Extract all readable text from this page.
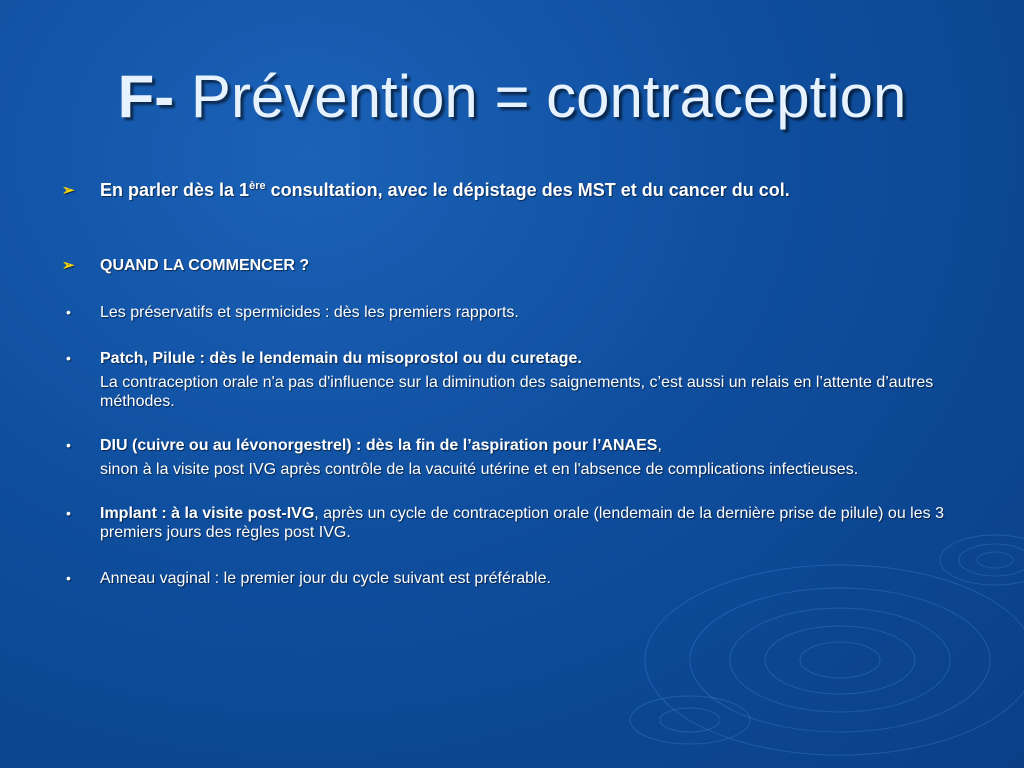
F- Prévention = contraception
➢ En parler dès la 1ère consultation, avec le dépistage des MST et du cancer du col.
➢ QUAND LA COMMENCER ?
• Les préservatifs et spermicides : dès les premiers rapports.
• Patch, Pilule : dès le lendemain du misoprostol ou du curetage.
La contraception orale n'a pas d'influence sur la diminution des saignements, c’est aussi un relais en l’attente d’autres méthodes.
• DIU (cuivre ou au lévonorgestrel) : dès la fin de l’aspiration pour l’ANAES,
sinon à la visite post IVG après contrôle de la vacuité utérine et en l'absence de complications infectieuses.
• Implant : à la visite post-IVG, après un cycle de contraception orale (lendemain de la dernière prise de pilule) ou les 3 premiers jours des règles post IVG.
• Anneau vaginal : le premier jour du cycle suivant est préférable.
